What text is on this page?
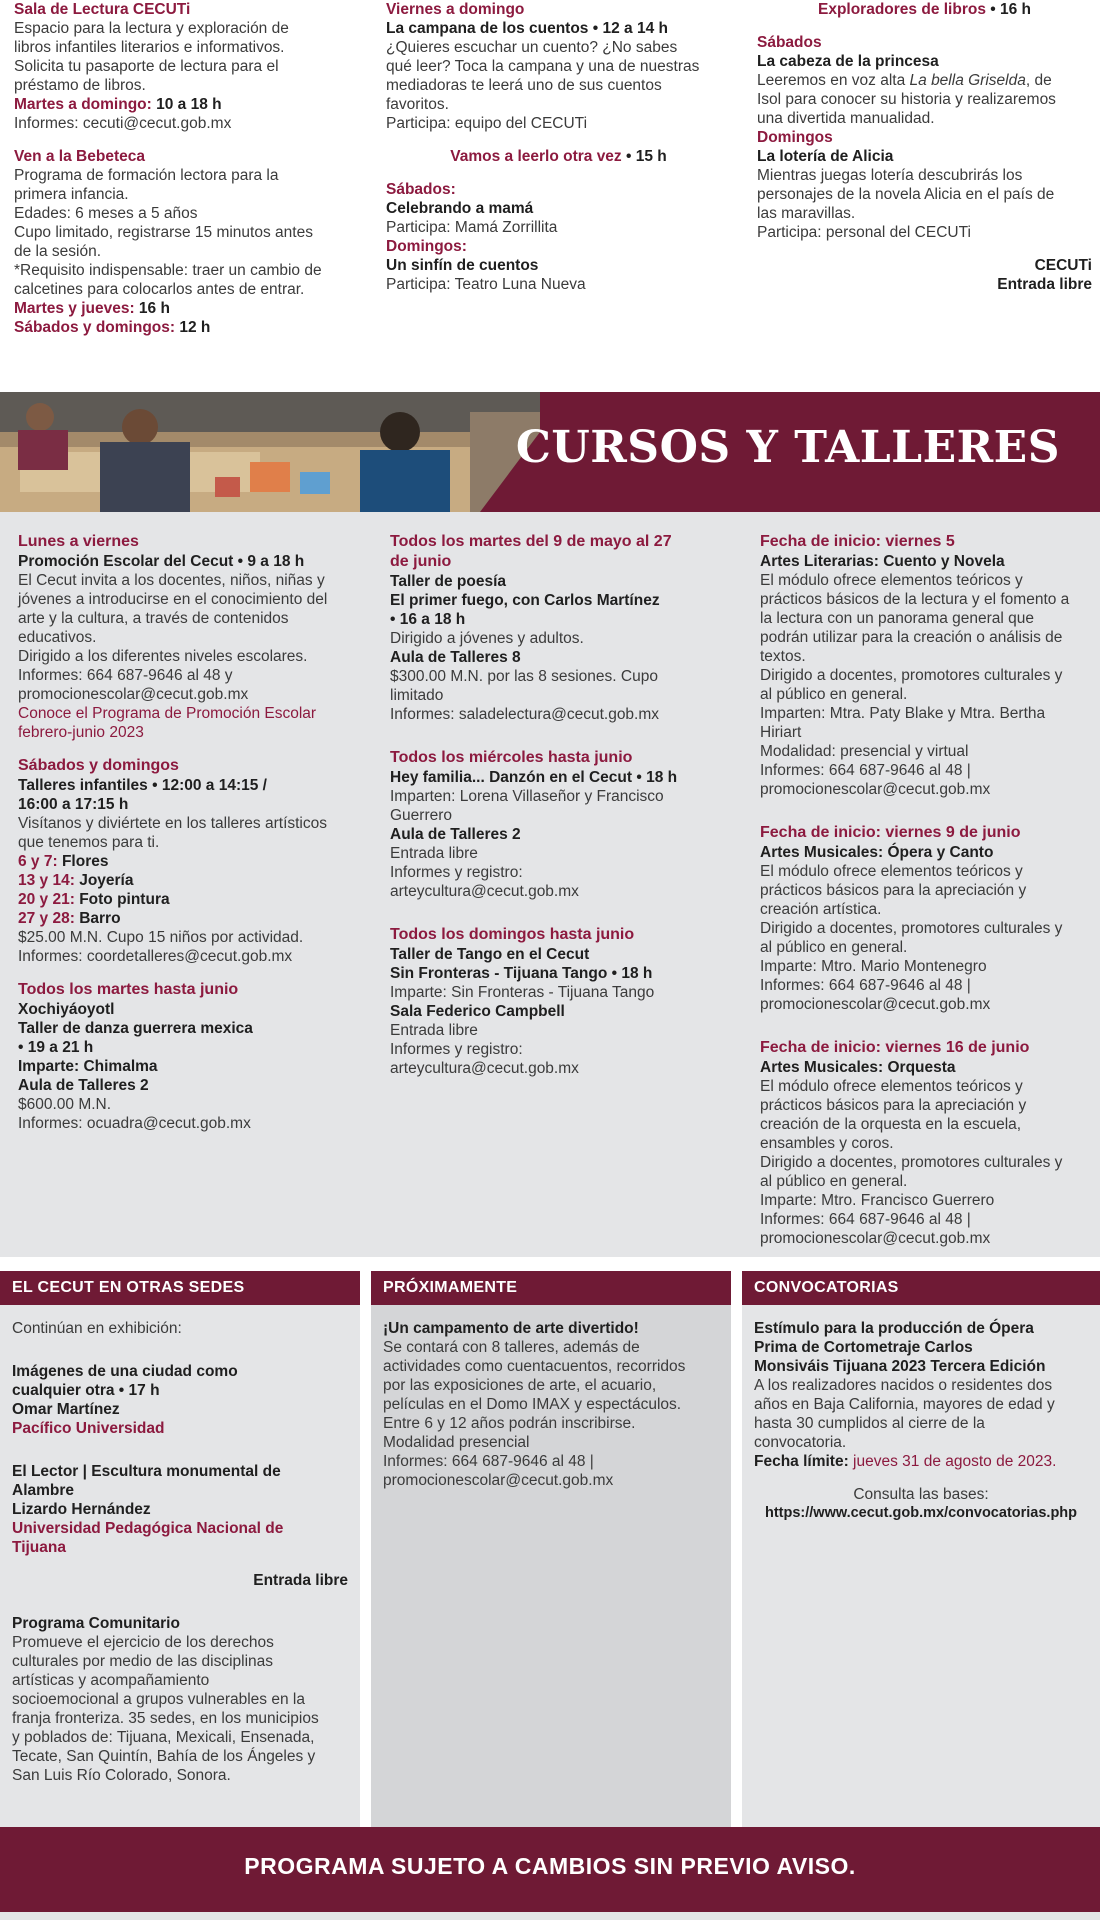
Sala de Lectura CECUTi
Espacio para la lectura y exploración de
libros infantiles literarios e informativos.
Solicita tu pasaporte de lectura para el
préstamo de libros.
Martes a domingo: 10 a 18 h
Informes: cecuti@cecut.gob.mx
Ven a la Bebeteca
Programa de formación lectora para la
primera infancia.
Edades: 6 meses a 5 años
Cupo limitado, registrarse 15 minutos antes
de la sesión.
*Requisito indispensable: traer un cambio de
calcetines para colocarlos antes de entrar.
Martes y jueves: 16 h
Sábados y domingos: 12 h
Viernes a domingo
La campana de los cuentos • 12 a 14 h
¿Quieres escuchar un cuento? ¿No sabes
qué leer? Toca la campana y una de nuestras
mediadoras te leerá uno de sus cuentos
favoritos.
Participa: equipo del CECUTi
Vamos a leerlo otra vez • 15 h
Sábados:
Celebrando a mamá
Participa: Mamá Zorrillita
Domingos:
Un sinfín de cuentos
Participa: Teatro Luna Nueva
Exploradores de libros • 16 h
Sábados
La cabeza de la princesa
Leeremos en voz alta La bella Griselda, de
Isol para conocer su historia y realizaremos
una divertida manualidad.
Domingos
La lotería de Alicia
Mientras juegas lotería descubrirás los
personajes de la novela Alicia en el país de
las maravillas.
Participa: personal del CECUTi
CECUTi
Entrada libre
CURSOS Y TALLERES
Lunes a viernes
Promoción Escolar del Cecut • 9 a 18 h
El Cecut invita a los docentes, niños, niñas y
jóvenes a introducirse en el conocimiento del
arte y la cultura, a través de contenidos
educativos.
Dirigido a los diferentes niveles escolares.
Informes: 664 687-9646 al 48 y
promocionescolar@cecut.gob.mx
Conoce el Programa de Promoción Escolar
febrero-junio 2023
Sábados y domingos
Talleres infantiles • 12:00 a 14:15 /
16:00 a 17:15 h
Visítanos y diviértete en los talleres artísticos
que tenemos para ti.
6 y 7: Flores
13 y 14: Joyería
20 y 21: Foto pintura
27 y 28: Barro
$25.00 M.N. Cupo 15 niños por actividad.
Informes: coordetalleres@cecut.gob.mx
Todos los martes hasta junio
Xochiyáoyotl
Taller de danza guerrera mexica
• 19 a 21 h
Imparte: Chimalma
Aula de Talleres 2
$600.00 M.N.
Informes: ocuadra@cecut.gob.mx
Todos los martes del 9 de mayo al 27
de junio
Taller de poesía
El primer fuego, con Carlos Martínez
• 16 a 18 h
Dirigido a jóvenes y adultos.
Aula de Talleres 8
$300.00 M.N. por las 8 sesiones. Cupo
limitado
Informes: saladelectura@cecut.gob.mx
Todos los miércoles hasta junio
Hey familia... Danzón en el Cecut • 18 h
Imparten: Lorena Villaseñor y Francisco
Guerrero
Aula de Talleres 2
Entrada libre
Informes y registro:
arteycultura@cecut.gob.mx
Todos los domingos hasta junio
Taller de Tango en el Cecut
Sin Fronteras - Tijuana Tango • 18 h
Imparte: Sin Fronteras - Tijuana Tango
Sala Federico Campbell
Entrada libre
Informes y registro:
arteycultura@cecut.gob.mx
Fecha de inicio: viernes 5
Artes Literarias: Cuento y Novela
El módulo ofrece elementos teóricos y
prácticos básicos de la lectura y el fomento a
la lectura con un panorama general que
podrán utilizar para la creación o análisis de
textos.
Dirigido a docentes, promotores culturales y
al público en general.
Imparten: Mtra. Paty Blake y Mtra. Bertha
Hiriart
Modalidad: presencial y virtual
Informes: 664 687-9646 al 48 |
promocionescolar@cecut.gob.mx
Fecha de inicio: viernes 9 de junio
Artes Musicales: Ópera y Canto
El módulo ofrece elementos teóricos y
prácticos básicos para la apreciación y
creación artística.
Dirigido a docentes, promotores culturales y
al público en general.
Imparte: Mtro. Mario Montenegro
Informes: 664 687-9646 al 48 |
promocionescolar@cecut.gob.mx
Fecha de inicio: viernes 16 de junio
Artes Musicales: Orquesta
El módulo ofrece elementos teóricos y
prácticos básicos para la apreciación y
creación de la orquesta en la escuela,
ensambles y coros.
Dirigido a docentes, promotores culturales y
al público en general.
Imparte: Mtro. Francisco Guerrero
Informes: 664 687-9646 al 48 |
promocionescolar@cecut.gob.mx
EL CECUT EN OTRAS SEDES
Continúan en exhibición:
Imágenes de una ciudad como
cualquier otra • 17 h
Omar Martínez
Pacífico Universidad
El Lector | Escultura monumental de
Alambre
Lizardo Hernández
Universidad Pedagógica Nacional de
Tijuana
Entrada libre
Programa Comunitario
Promueve el ejercicio de los derechos
culturales por medio de las disciplinas
artísticas y acompañamiento
socioemocional a grupos vulnerables en la
franja fronteriza. 35 sedes, en los municipios
y poblados de: Tijuana, Mexicali, Ensenada,
Tecate, San Quintín, Bahía de los Ángeles y
San Luis Río Colorado, Sonora.
PRÓXIMAMENTE
¡Un campamento de arte divertido!
Se contará con 8 talleres, además de
actividades como cuentacuentos, recorridos
por las exposiciones de arte, el acuario,
películas en el Domo IMAX y espectáculos.
Entre 6 y 12 años podrán inscribirse.
Modalidad presencial
Informes: 664 687-9646 al 48 |
promocionescolar@cecut.gob.mx
CONVOCATORIAS
Estímulo para la producción de Ópera
Prima de Cortometraje Carlos
Monsiváis Tijuana 2023 Tercera Edición
A los realizadores nacidos o residentes dos
años en Baja California, mayores de edad y
hasta 30 cumplidos al cierre de la
convocatoria.
Fecha límite: jueves 31 de agosto de 2023.
Consulta las bases:
https://www.cecut.gob.mx/convocatorias.php
PROGRAMA SUJETO A CAMBIOS SIN PREVIO AVISO.
